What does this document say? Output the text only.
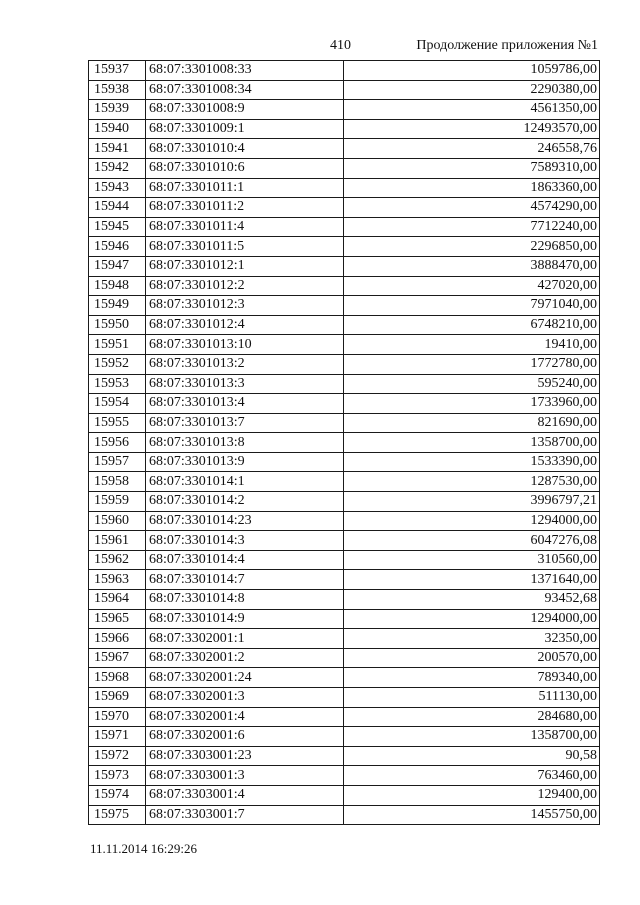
410	Продолжение приложения №1
15937	68:07:3301008:33	1059786,00
15938	68:07:3301008:34	2290380,00
15939	68:07:3301008:9	4561350,00
15940	68:07:3301009:1	12493570,00
15941	68:07:3301010:4	246558,76
15942	68:07:3301010:6	7589310,00
15943	68:07:3301011:1	1863360,00
15944	68:07:3301011:2	4574290,00
15945	68:07:3301011:4	7712240,00
15946	68:07:3301011:5	2296850,00
15947	68:07:3301012:1	3888470,00
15948	68:07:3301012:2	427020,00
15949	68:07:3301012:3	7971040,00
15950	68:07:3301012:4	6748210,00
15951	68:07:3301013:10	19410,00
15952	68:07:3301013:2	1772780,00
15953	68:07:3301013:3	595240,00
15954	68:07:3301013:4	1733960,00
15955	68:07:3301013:7	821690,00
15956	68:07:3301013:8	1358700,00
15957	68:07:3301013:9	1533390,00
15958	68:07:3301014:1	1287530,00
15959	68:07:3301014:2	3996797,21
15960	68:07:3301014:23	1294000,00
15961	68:07:3301014:3	6047276,08
15962	68:07:3301014:4	310560,00
15963	68:07:3301014:7	1371640,00
15964	68:07:3301014:8	93452,68
15965	68:07:3301014:9	1294000,00
15966	68:07:3302001:1	32350,00
15967	68:07:3302001:2	200570,00
15968	68:07:3302001:24	789340,00
15969	68:07:3302001:3	511130,00
15970	68:07:3302001:4	284680,00
15971	68:07:3302001:6	1358700,00
15972	68:07:3303001:23	90,58
15973	68:07:3303001:3	763460,00
15974	68:07:3303001:4	129400,00
15975	68:07:3303001:7	1455750,00
11.11.2014 16:29:26
